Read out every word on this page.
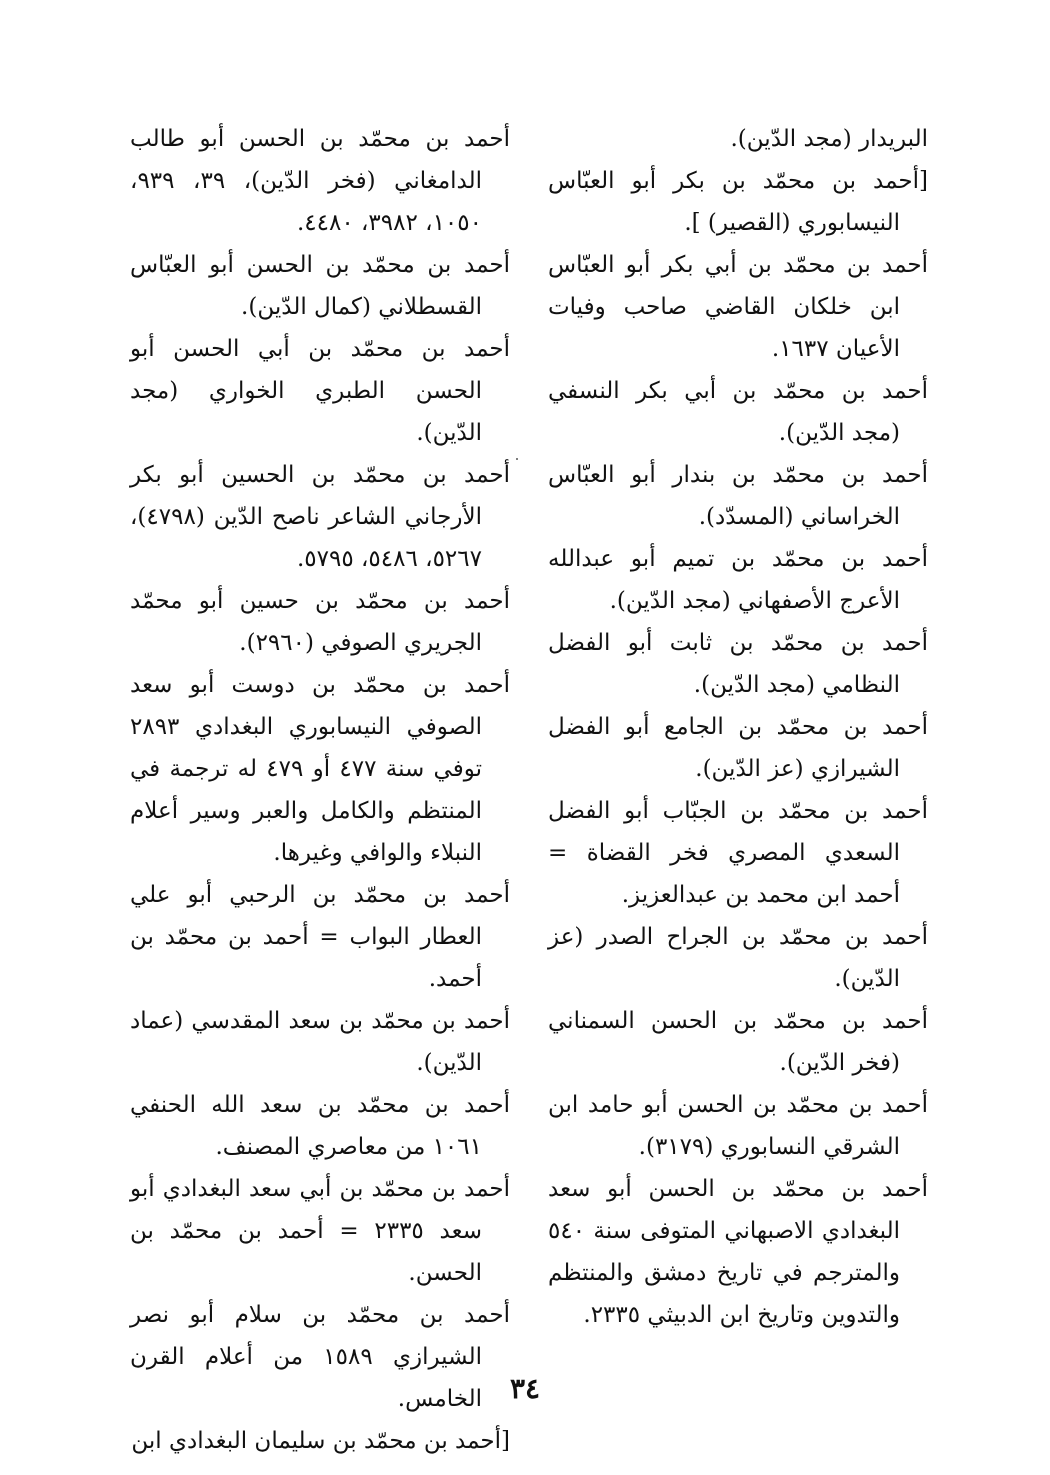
البريدار (مجد الدّين).

[أحمد بن محمّد بن بكر أبو العبّاس النيسابوري (القصير) ].

أحمد بن محمّد بن أبي بكر أبو العبّاس ابن خلكان القاضي صاحب وفيات الأعيان ١٦٣٧.

أحمد بن محمّد بن أبي بكر النسفي (مجد الدّين).

أحمد بن محمّد بن بندار أبو العبّاس الخراساني (المسدّد).

أحمد بن محمّد بن تميم أبو عبدالله الأعرج الأصفهاني (مجد الدّين).

أحمد بن محمّد بن ثابت أبو الفضل النظامي (مجد الدّين).

أحمد بن محمّد بن الجامع أبو الفضل الشيرازي (عز الدّين).

أحمد بن محمّد بن الجبّاب أبو الفضل السعدي المصري فخر القضاة = أحمد ابن محمد بن عبدالعزيز.

أحمد بن محمّد بن الجراح الصدر (عز الدّين).

أحمد بن محمّد بن الحسن السمناني (فخر الدّين).

أحمد بن محمّد بن الحسن أبو حامد ابن الشرقي النسابوري (٣١٧٩).

أحمد بن محمّد بن الحسن أبو سعد البغدادي الاصبهاني المتوفى سنة ٥٤٠ والمترجم في تاريخ دمشق والمنتظم والتدوين وتاريخ ابن الدبيثي ٢٣٣٥.

أحمد بن محمّد بن الحسن أبو طالب الدامغاني (فخر الدّين)، ٣٩، ٩٣٩، ١٠٥٠، ٣٩٨٢، ٤٤٨٠.

أحمد بن محمّد بن الحسن أبو العبّاس القسطلاني (كمال الدّين).

أحمد بن محمّد بن أبي الحسن أبو الحسن الطبري الخواري (مجد الدّين).

أحمد بن محمّد بن الحسين أبو بكر الأرجاني الشاعر ناصح الدّين (٤٧٩٨)، ٥٢٦٧، ٥٤٨٦، ٥٧٩٥.

أحمد بن محمّد بن حسين أبو محمّد الجريري الصوفي (٢٩٦٠).

أحمد بن محمّد بن دوست أبو سعد الصوفي النيسابوري البغدادي ٢٨٩٣ توفي سنة ٤٧٧ أو ٤٧٩ له ترجمة في المنتظم والكامل والعبر وسير أعلام النبلاء والوافي وغيرها.

أحمد بن محمّد بن الرحبي أبو علي العطار البواب = أحمد بن محمّد بن أحمد.

أحمد بن محمّد بن سعد المقدسي (عماد الدّين).

أحمد بن محمّد بن سعد الله الحنفي ١٠٦١ من معاصري المصنف.

أحمد بن محمّد بن أبي سعد البغدادي أبو سعد ٢٣٣٥ = أحمد بن محمّد بن الحسن.

أحمد بن محمّد بن سلام أبو نصر الشيرازي ١٥٨٩ من أعلام القرن الخامس.

[أحمد بن محمّد بن سليمان البغدادي ابن

٣٤
